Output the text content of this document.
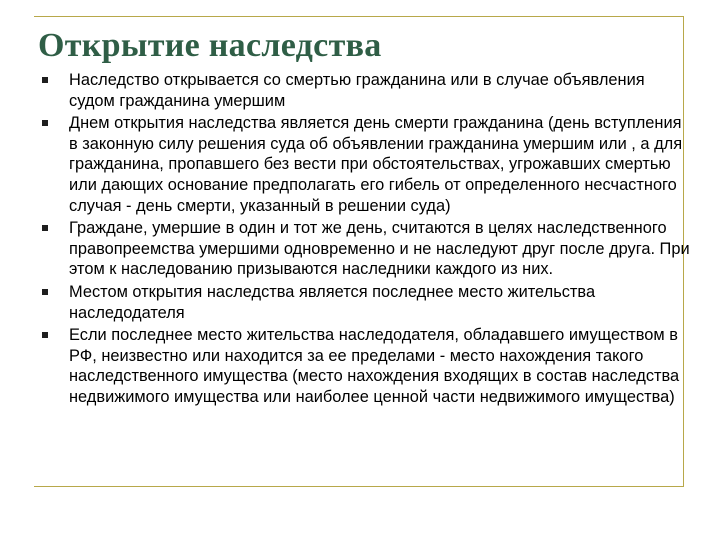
Открытие наследства
Наследство открывается со смертью гражданина или в случае объявления судом гражданина умершим
Днем открытия наследства является день смерти гражданина (день вступления в законную силу решения суда об объявлении гражданина умершим или , а для гражданина, пропавшего без вести при обстоятельствах, угрожавших смертью или дающих основание предполагать его гибель от определенного несчастного случая - день смерти, указанный в решении суда)
Граждане, умершие в один и тот же день, считаются в целях наследственного правопреемства умершими одновременно и не наследуют друг после друга. При этом к наследованию призываются наследники каждого из них.
Местом открытия наследства является последнее место жительства наследодателя
Если последнее место жительства наследодателя, обладавшего имуществом в РФ, неизвестно или находится за ее пределами - место нахождения такого наследственного имущества (место нахождения входящих в состав наследства недвижимого имущества или наиболее ценной части недвижимого имущества)
